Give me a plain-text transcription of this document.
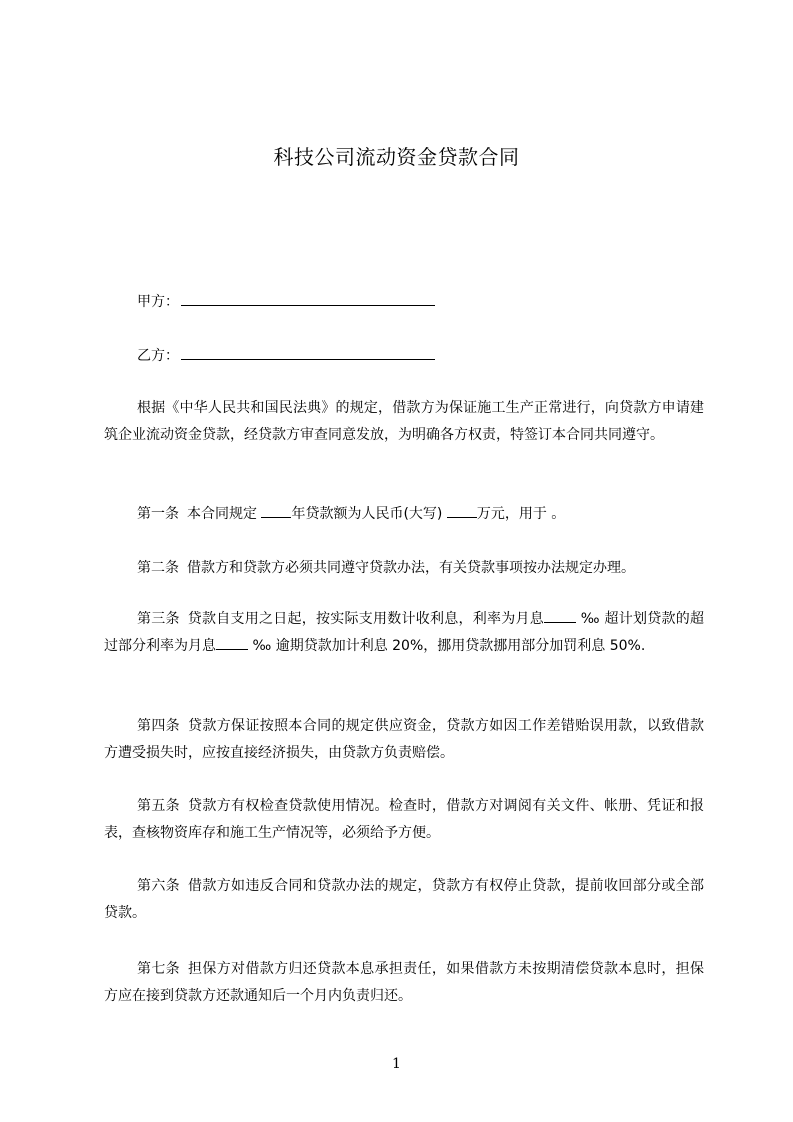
科技公司流动资金贷款合同
甲方：
乙方：
根据《中华人民共和国民法典》的规定，借款方为保证施工生产正常进行，向贷款方申请建筑企业流动资金贷款，经贷款方审查同意发放，为明确各方权责，特签订本合同共同遵守。
第一条 本合同规定 年贷款额为人民币(大写) 万元，用于 。
第二条 借款方和贷款方必须共同遵守贷款办法，有关贷款事项按办法规定办理。
第三条 贷款自支用之日起，按实际支用数计收利息，利率为月息	‰ 超计划贷款的超过部分利率为月息	‰ 逾期贷款加计利息 20%，挪用贷款挪用部分加罚利息 50%.
第四条 贷款方保证按照本合同的规定供应资金，贷款方如因工作差错贻误用款，以致借款方遭受损失时，应按直接经济损失，由贷款方负责赔偿。
第五条 贷款方有权检查贷款使用情况。检查时，借款方对调阅有关文件、帐册、凭证和报表，查核物资库存和施工生产情况等，必须给予方便。
第六条 借款方如违反合同和贷款办法的规定，贷款方有权停止贷款，提前收回部分或全部贷款。
第七条 担保方对借款方归还贷款本息承担责任，如果借款方未按期清偿贷款本息时，担保方应在接到贷款方还款通知后一个月内负责归还。
1
